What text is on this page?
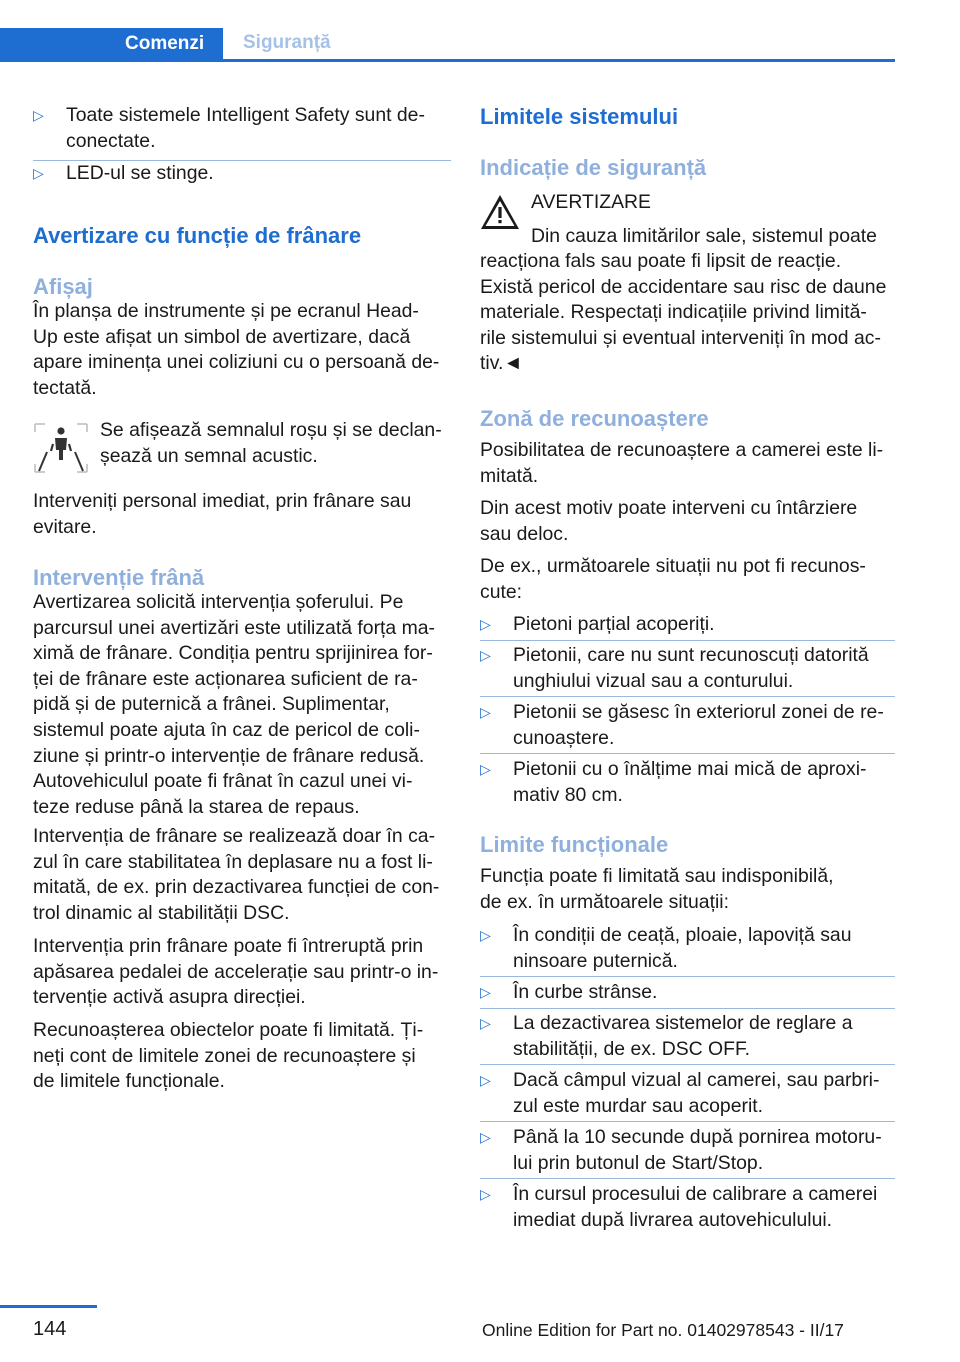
Comenzi	Siguranță
▷ Toate sistemele Intelligent Safety sunt de-
conectate.
▷ LED-ul se stinge.
Avertizare cu funcție de frânare
Afișaj
În planșa de instrumente și pe ecranul Head-
Up este afișat un simbol de avertizare, dacă
apare iminența unei coliziuni cu o persoană de-
tectată.
Se afișează semnalul roșu și se declan-
șează un semnal acustic.
Interveniți personal imediat, prin frânare sau
evitare.
Intervenție frână
Avertizarea solicită intervenția șoferului. Pe
parcursul unei avertizări este utilizată forța ma-
ximă de frânare. Condiția pentru sprijinirea for-
ței de frânare este acționarea suficient de ra-
pidă și de puternică a frânei. Suplimentar,
sistemul poate ajuta în caz de pericol de coli-
ziune și printr-o intervenție de frânare redusă.
Autovehiculul poate fi frânat în cazul unei vi-
teze reduse până la starea de repaus.
Intervenția de frânare se realizează doar în ca-
zul în care stabilitatea în deplasare nu a fost li-
mitată, de ex. prin dezactivarea funcției de con-
trol dinamic al stabilității DSC.
Intervenția prin frânare poate fi întreruptă prin
apăsarea pedalei de accelerație sau printr-o in-
tervenție activă asupra direcției.
Recunoașterea obiectelor poate fi limitată. Ți-
neți cont de limitele zonei de recunoaștere și
de limitele funcționale.
Limitele sistemului
Indicație de siguranță
AVERTIZARE
Din cauza limitărilor sale, sistemul poate
reacționa fals sau poate fi lipsit de reacție.
Există pericol de accidentare sau risc de daune
materiale. Respectați indicațiile privind limită-
rile sistemului și eventual interveniți în mod ac-
tiv.◄
Zonă de recunoaștere
Posibilitatea de recunoaștere a camerei este li-
mitată.
Din acest motiv poate interveni cu întârziere
sau deloc.
De ex., următoarele situații nu pot fi recunos-
cute:
▷ Pietoni parțial acoperiți.
▷ Pietonii, care nu sunt recunoscuți datorită
unghiului vizual sau a conturului.
▷ Pietonii se găsesc în exteriorul zonei de re-
cunoaștere.
▷ Pietonii cu o înălțime mai mică de aproxi-
mativ 80 cm.
Limite funcționale
Funcția poate fi limitată sau indisponibilă,
de ex. în următoarele situații:
▷ În condiții de ceață, ploaie, lapoviță sau
ninsoare puternică.
▷ În curbe strânse.
▷ La dezactivarea sistemelor de reglare a
stabilității, de ex. DSC OFF.
▷ Dacă câmpul vizual al camerei, sau parbri-
zul este murdar sau acoperit.
▷ Până la 10 secunde după pornirea motoru-
lui prin butonul de Start/Stop.
▷ În cursul procesului de calibrare a camerei
imediat după livrarea autovehiculului.
144	Online Edition for Part no. 01402978543 - II/17
